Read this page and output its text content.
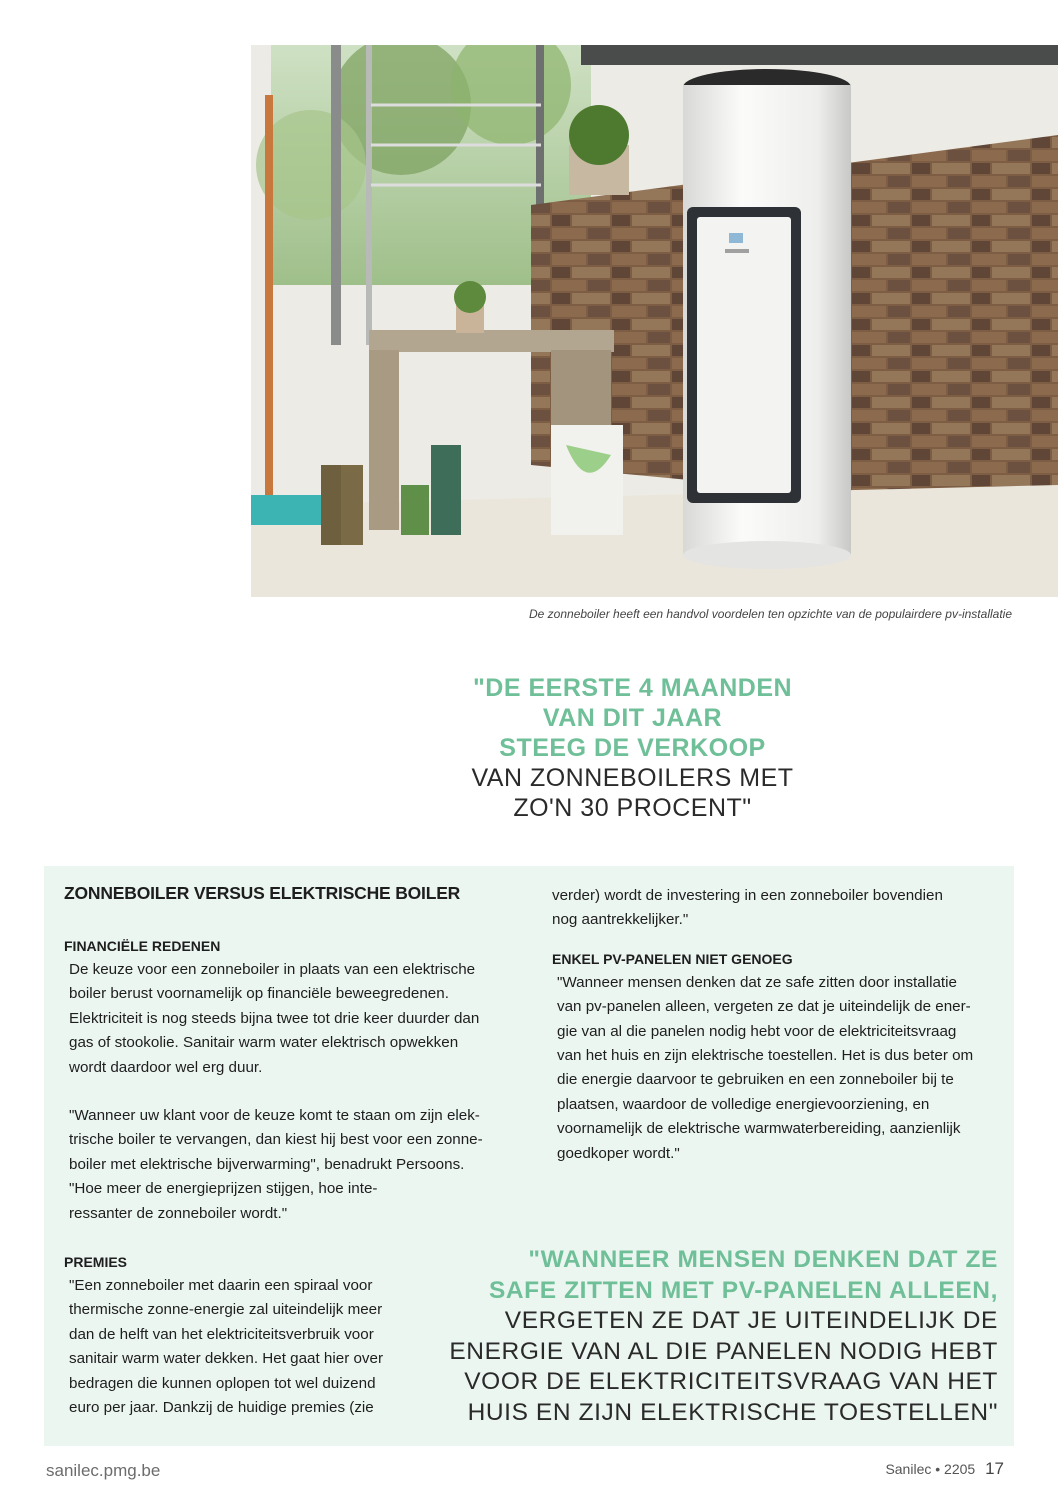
De zonneboiler heeft een handvol voordelen ten opzichte van de populairdere pv-installatie
"DE EERSTE 4 MAANDEN
VAN DIT JAAR
STEEG DE VERKOOP
VAN ZONNEBOILERS MET
ZO'N 30 PROCENT"
ZONNEBOILER VERSUS ELEKTRISCHE BOILER
FINANCIËLE REDENEN
De keuze voor een zonneboiler in plaats van een elektrische
boiler berust voornamelijk op financiële beweegredenen.
Elektriciteit is nog steeds bijna twee tot drie keer duurder dan
gas of stookolie. Sanitair warm water elektrisch opwekken
wordt daardoor wel erg duur.
"Wanneer uw klant voor de keuze komt te staan om zijn elek-
trische boiler te vervangen, dan kiest hij best voor een zonne-
boiler met elektrische bijverwarming", benadrukt Persoons.
"Hoe meer de energieprijzen stijgen, hoe inte-
ressanter de zonneboiler wordt."
PREMIES
"Een zonneboiler met daarin een spiraal voor
thermische zonne-energie zal uiteindelijk meer
dan de helft van het elektriciteitsverbruik voor
sanitair warm water dekken. Het gaat hier over
bedragen die kunnen oplopen tot wel duizend
euro per jaar. Dankzij de huidige premies (zie
verder) wordt de investering in een zonneboiler bovendien
nog aantrekkelijker."
ENKEL PV-PANELEN NIET GENOEG
"Wanneer mensen denken dat ze safe zitten door installatie
van pv-panelen alleen, vergeten ze dat je uiteindelijk de ener-
gie van al die panelen nodig hebt voor de elektriciteitsvraag
van het huis en zijn elektrische toestellen. Het is dus beter om
die energie daarvoor te gebruiken en een zonneboiler bij te
plaatsen, waardoor de volledige energievoorziening, en
voornamelijk de elektrische warmwaterbereiding, aanzienlijk
goedkoper wordt."
"WANNEER MENSEN DENKEN DAT ZE
SAFE ZITTEN MET PV-PANELEN ALLEEN,
VERGETEN ZE DAT JE UITEINDELIJK DE
ENERGIE VAN AL DIE PANELEN NODIG HEBT
VOOR DE ELEKTRICITEITSVRAAG VAN HET
HUIS EN ZIJN ELEKTRISCHE TOESTELLEN"
sanilec.pmg.be	Sanilec • 2205 17
